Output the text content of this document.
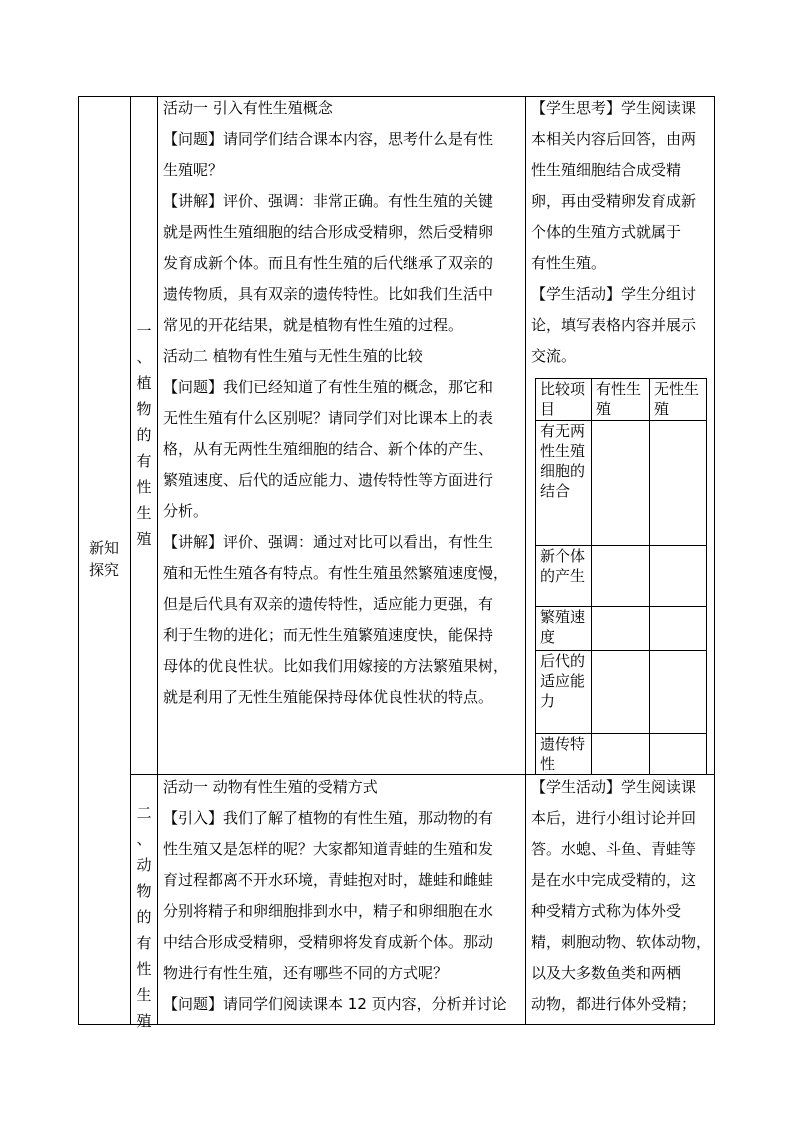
新知
探究
一
、
植
物
的
有
性
生
殖
活动一 引入有性生殖概念
【问题】请同学们结合课本内容，思考什么是有性
生殖呢？
【讲解】评价、强调：非常正确。有性生殖的关键
就是两性生殖细胞的结合形成受精卵，然后受精卵
发育成新个体。而且有性生殖的后代继承了双亲的
遗传物质，具有双亲的遗传特性。比如我们生活中
常见的开花结果，就是植物有性生殖的过程。
活动二 植物有性生殖与无性生殖的比较
【问题】我们已经知道了有性生殖的概念，那它和
无性生殖有什么区别呢？请同学们对比课本上的表
格，从有无两性生殖细胞的结合、新个体的产生、
繁殖速度、后代的适应能力、遗传特性等方面进行
分析。
【讲解】评价、强调：通过对比可以看出，有性生
殖和无性生殖各有特点。有性生殖虽然繁殖速度慢，
但是后代具有双亲的遗传特性，适应能力更强，有
利于生物的进化；而无性生殖繁殖速度快，能保持
母体的优良性状。比如我们用嫁接的方法繁殖果树，
就是利用了无性生殖能保持母体优良性状的特点。
【学生思考】学生阅读课
本相关内容后回答，由两
性生殖细胞结合成受精
卵，再由受精卵发育成新
个体的生殖方式就属于
有性生殖。
【学生活动】学生分组讨
论，填写表格内容并展示
交流。
比较项目
有性生殖
无性生殖
有无两性生殖细胞的结合
新个体的产生
繁殖速度
后代的适应能力
遗传特性
二
、
动
物
的
有
性
生
殖
活动一 动物有性生殖的受精方式
【引入】我们了解了植物的有性生殖，那动物的有
性生殖又是怎样的呢？大家都知道青蛙的生殖和发
育过程都离不开水环境，青蛙抱对时，雄蛙和雌蛙
分别将精子和卵细胞排到水中，精子和卵细胞在水
中结合形成受精卵，受精卵将发育成新个体。那动
物进行有性生殖，还有哪些不同的方式呢？
【问题】请同学们阅读课本 12 页内容，分析并讨论
【学生活动】学生阅读课
本后，进行小组讨论并回
答。水螅、斗鱼、青蛙等
是在水中完成受精的，这
种受精方式称为体外受
精，刺胞动物、软体动物，
以及大多数鱼类和两栖
动物，都进行体外受精；
